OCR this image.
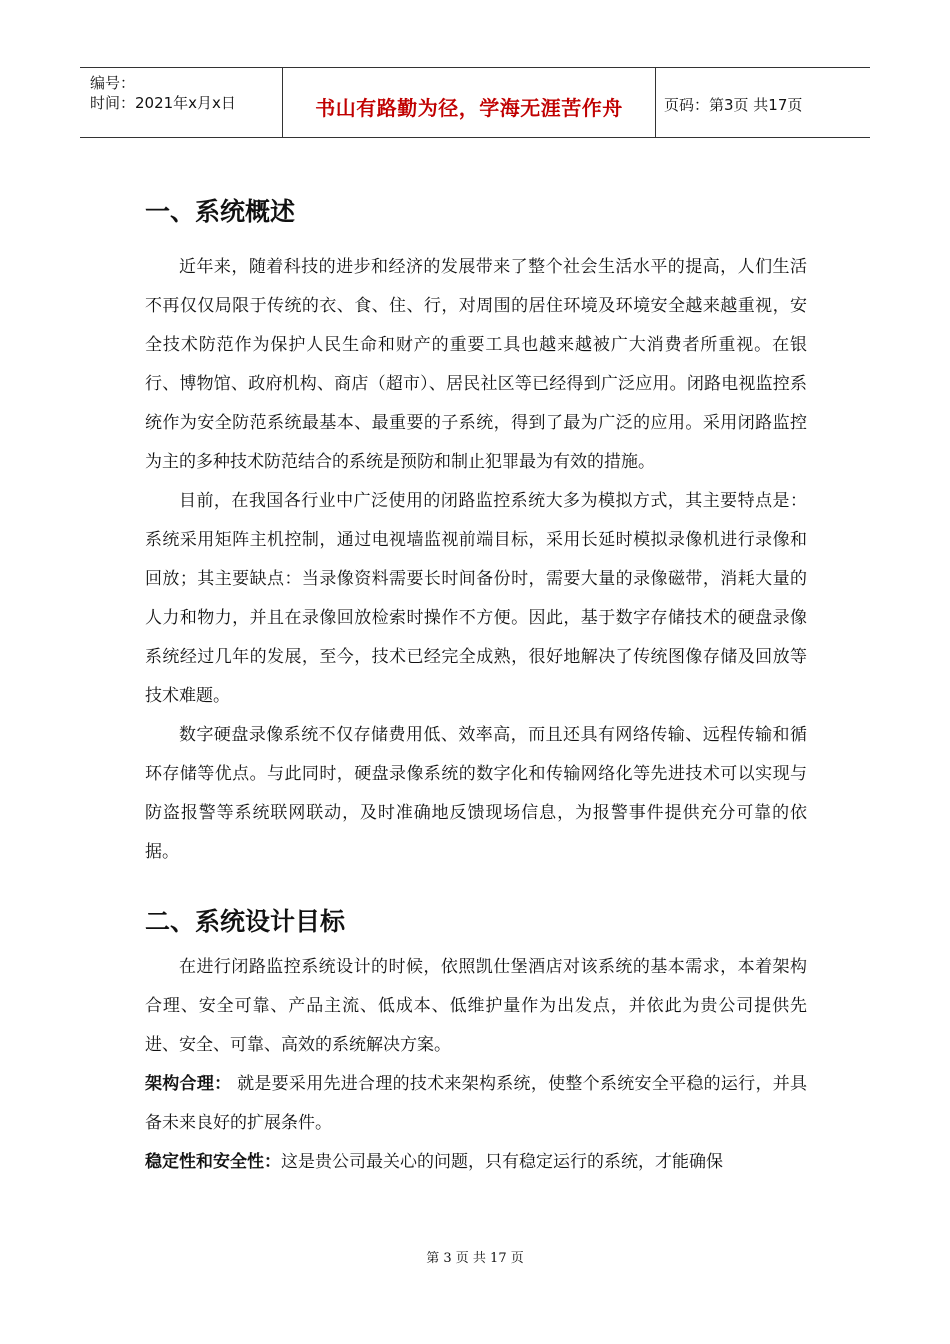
编号：
时间：2021年x月x日	书山有路勤为径，学海无涯苦作舟	页码：第3页 共17页
一、系统概述

近年来，随着科技的进步和经济的发展带来了整个社会生活水平的提高，人们生活不再仅仅局限于传统的衣、食、住、行，对周围的居住环境及环境安全越来越重视，安全技术防范作为保护人民生命和财产的重要工具也越来越被广大消费者所重视。在银行、博物馆、政府机构、商店（超市）、居民社区等已经得到广泛应用。闭路电视监控系统作为安全防范系统最基本、最重要的子系统，得到了最为广泛的应用。采用闭路监控为主的多种技术防范结合的系统是预防和制止犯罪最为有效的措施。

目前，在我国各行业中广泛使用的闭路监控系统大多为模拟方式，其主要特点是：系统采用矩阵主机控制，通过电视墙监视前端目标，采用长延时模拟录像机进行录像和回放；其主要缺点：当录像资料需要长时间备份时，需要大量的录像磁带，消耗大量的人力和物力，并且在录像回放检索时操作不方便。因此，基于数字存储技术的硬盘录像系统经过几年的发展，至今，技术已经完全成熟，很好地解决了传统图像存储及回放等技术难题。

数字硬盘录像系统不仅存储费用低、效率高，而且还具有网络传输、远程传输和循环存储等优点。与此同时，硬盘录像系统的数字化和传输网络化等先进技术可以实现与防盗报警等系统联网联动，及时准确地反馈现场信息，为报警事件提供充分可靠的依据。

二、系统设计目标

在进行闭路监控系统设计的时候，依照凯仕堡酒店对该系统的基本需求，本着架构合理、安全可靠、产品主流、低成本、低维护量作为出发点，并依此为贵公司提供先进、安全、可靠、高效的系统解决方案。

架构合理： 就是要采用先进合理的技术来架构系统，使整个系统安全平稳的运行，并具备未来良好的扩展条件。

稳定性和安全性：这是贵公司最关心的问题，只有稳定运行的系统，才能确保

第 3 页 共 17 页
